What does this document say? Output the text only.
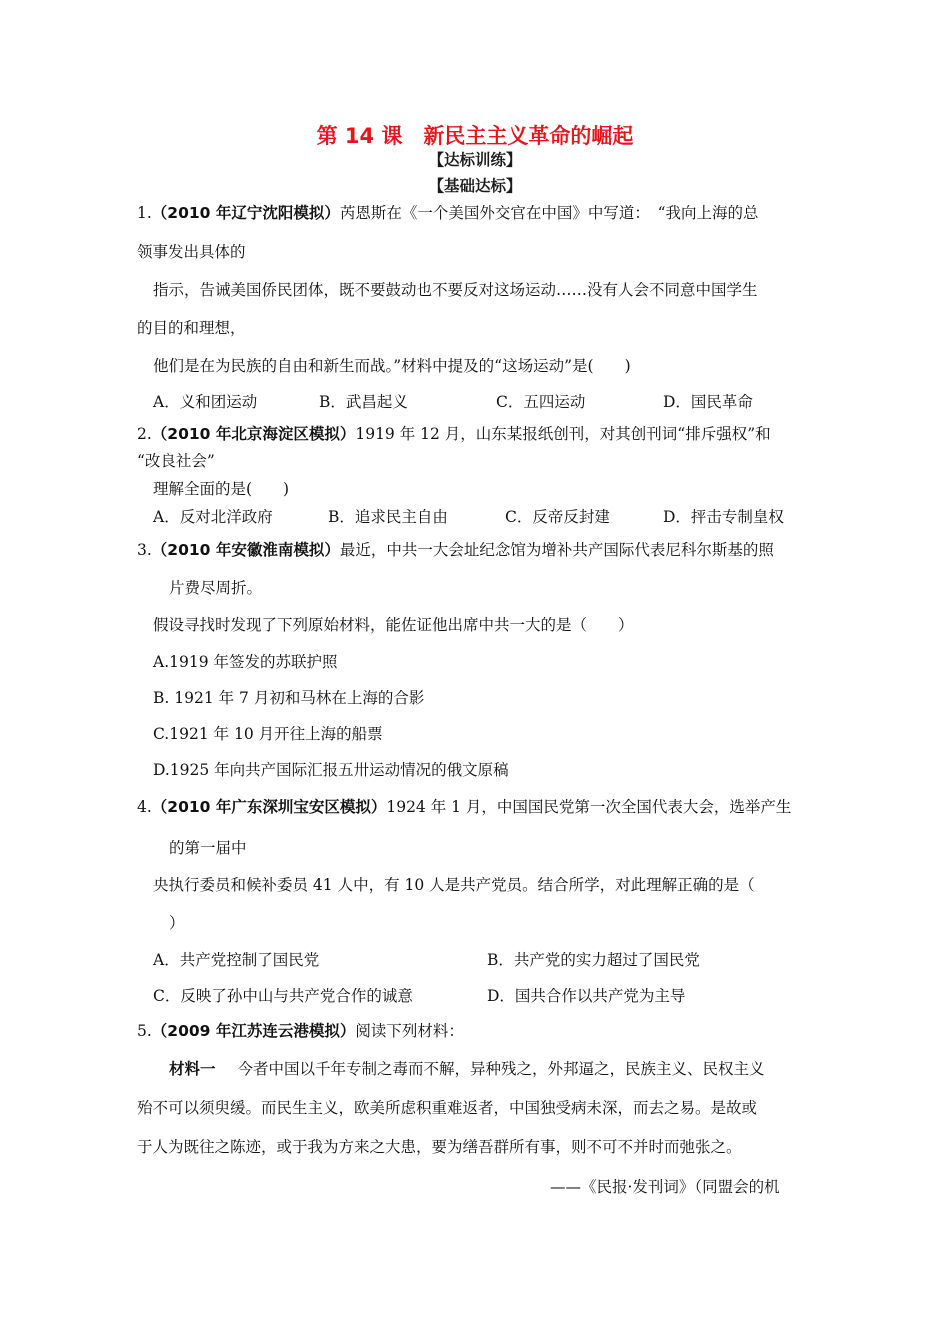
第 14 课　新民主主义革命的崛起
【达标训练】
【基础达标】
1.（2010 年辽宁沈阳模拟）芮恩斯在《一个美国外交官在中国》中写道：　“我向上海的总
领事发出具体的
指示，告诫美国侨民团体，既不要鼓动也不要反对这场运动……没有人会不同意中国学生
的目的和理想，
他们是在为民族的自由和新生而战。”材料中提及的“这场运动”是(　　)
A．义和团运动	B．武昌起义	C．五四运动	D．国民革命
2.（2010 年北京海淀区模拟）1919 年 12 月，山东某报纸创刊，对其创刊词“排斥强权”和
“改良社会”
理解全面的是(　　)
A．反对北洋政府	B．追求民主自由	C．反帝反封建	D．抨击专制皇权
3.（2010 年安徽淮南模拟）最近，中共一大会址纪念馆为增补共产国际代表尼科尔斯基的照
片费尽周折。
假设寻找时发现了下列原始材料，能佐证他出席中共一大的是（　　）
A.1919 年签发的苏联护照
B. 1921 年 7 月初和马林在上海的合影
C.1921 年 10 月开往上海的船票
D.1925 年向共产国际汇报五卅运动情况的俄文原稿
4.（2010 年广东深圳宝安区模拟）1924 年 1 月，中国国民党第一次全国代表大会，选举产生
的第一届中
央执行委员和候补委员 41 人中，有 10 人是共产党员。结合所学，对此理解正确的是（
）
A．共产党控制了国民党	B．共产党的实力超过了国民党
C．反映了孙中山与共产党合作的诚意	D．国共合作以共产党为主导
5.（2009 年江苏连云港模拟）阅读下列材料：
材料一 今者中国以千年专制之毒而不解，异种残之，外邦逼之，民族主义、民权主义
殆不可以须臾缓。而民生主义，欧美所虑积重难返者，中国独受病未深，而去之易。是故或
于人为既往之陈迹，或于我为方来之大患，要为缮吾群所有事，则不可不并时而弛张之。
——《民报·发刊词》（同盟会的机
